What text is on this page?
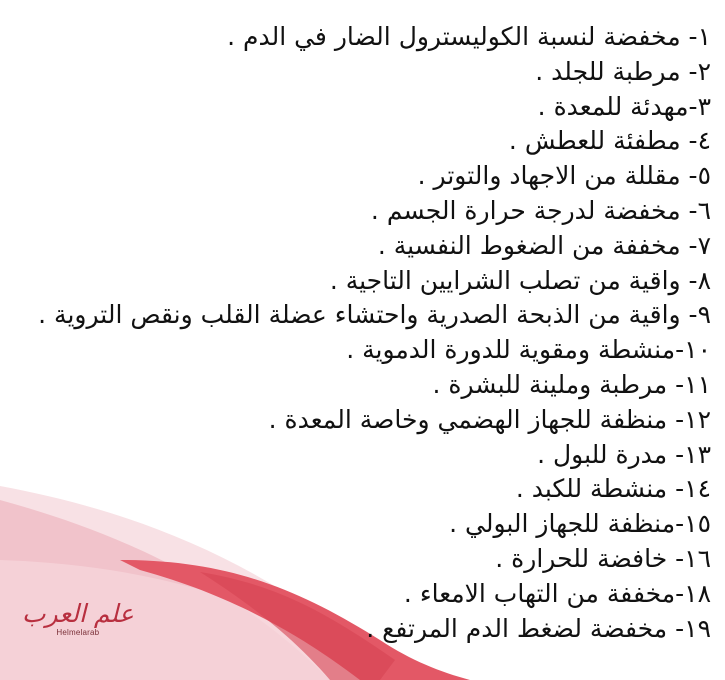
١- مخفضة لنسبة الكوليسترول الضار في الدم .
٢- مرطبة للجلد .
٣-مهدئة للمعدة .
٤- مطفئة للعطش .
٥- مقللة من الاجهاد والتوتر .
٦- مخفضة لدرجة حرارة الجسم .
٧- مخففة من الضغوط النفسية .
٨- واقية من تصلب الشرايين التاجية .
٩- واقية من الذبحة الصدرية واحتشاء عضلة القلب ونقص التروية .
١٠-منشطة ومقوية للدورة الدموية .
١١- مرطبة وملينة للبشرة .
١٢- منظفة للجهاز الهضمي وخاصة المعدة .
١٣- مدرة للبول .
١٤- منشطة للكبد .
١٥-منظفة للجهاز البولي .
١٦- خافضة للحرارة .
١٨-مخففة من التهاب الامعاء .
١٩- مخفضة لضغط الدم المرتفع .
علم العرب
Helmelarab
